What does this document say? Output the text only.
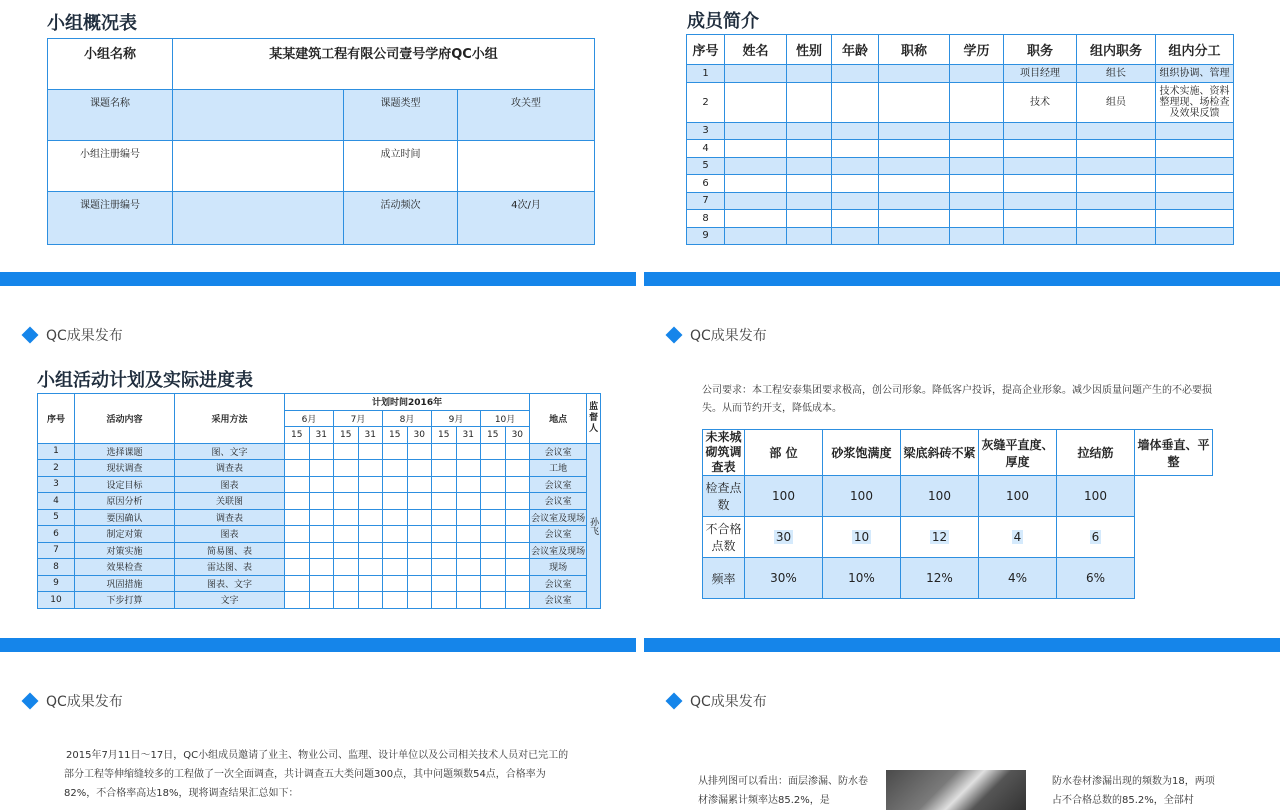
小组概况表
小组名称	某某建筑工程有限公司壹号学府QC小组		
课题名称		课题类型	攻关型
小组注册编号		成立时间	
课题注册编号		活动频次	4次/月
成员简介
序号	姓名	性别	年龄	职称	学历	职务	组内职务	组内分工
1						项目经理	组长	组织协调、管理
2						技术	组员	技术实施、资料整理现、场检查及效果反馈
3								
4								
5								
6								
7								
8								
9								
QC成果发布
小组活动计划及实际进度表
序号	活动内容	采用方法	计划时间2016年										地点	监督人
			6月		7月		8月		9月		10月			
			15	31	15	31	15	30	15	31	15	30		
1	选择课题	图、文字											会议室	孙飞
2	现状调查	调查表											工地	
3	设定目标	图表											会议室	
4	原因分析	关联图											会议室	
5	要因确认	调查表											会议室及现场	
6	制定对策	图表											会议室	
7	对策实施	简易图、表											会议室及现场	
8	效果检查	雷达图、表											现场	
9	巩固措施	图表、文字											会议室	
10	下步打算	文字											会议室	
QC成果发布
公司要求：本工程安泰集团要求极高，创公司形象。降低客户投诉，提高企业形象。减少因质量问题产生的不必要损失。从而节约开支，降低成本。
未来城砌筑调查表	部 位	砂浆饱满度	梁底斜砖不紧	灰缝平直度、厚度	拉结筋	墙体垂直、平整
检查点数	100	100	100	100	100	
不合格点数	30	10	12	4	6	
频率	30%	10%	12%	4%	6%	
QC成果发布
2015年7月11日～17日，QC小组成员邀请了业主、物业公司、监理、设计单位以及公司相关技术人员对已完工的部分工程等伸缩缝较多的工程做了一次全面调查，共计调查五大类问题300点，其中问题频数54点，合格率为82%，不合格率高达18%，现将调查结果汇总如下：
QC成果发布
从排列图可以看出：面层渗漏、防水卷材渗漏累计频率达85.2%，是
防水卷材渗漏出现的频数为18，两项占不合格总数的85.2%，全部村
